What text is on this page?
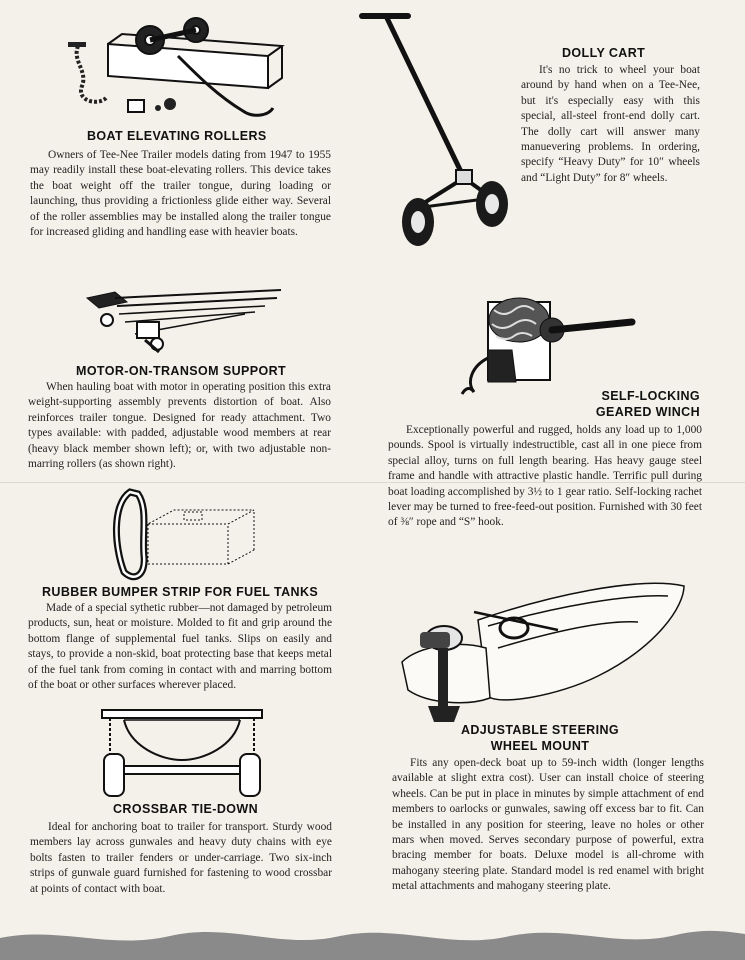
BOAT ELEVATING ROLLERS
Owners of Tee-Nee Trailer models dating from 1947 to 1955 may readily install these boat-elevating rollers. This device takes the boat weight off the trailer tongue, during loading or launching, thus providing a frictionless glide either way. Several of the roller assemblies may be installed along the trailer tongue for increased gliding and handling ease with heavier boats.
DOLLY CART
It's no trick to wheel your boat around by hand when on a Tee-Nee, but it's especially easy with this special, all-steel front-end dolly cart. The dolly cart will answer many manuevering problems. In ordering, specify “Heavy Duty” for 10″ wheels and “Light Duty” for 8″ wheels.
MOTOR-ON-TRANSOM SUPPORT
When hauling boat with motor in operating position this extra weight-supporting assembly prevents distortion of boat. Also reinforces trailer tongue. Designed for ready attachment. Two types available: with padded, adjustable wood members at rear (heavy black member shown left); or, with two adjustable non-marring rollers (as shown right).
SELF-LOCKING
GEARED WINCH
Exceptionally powerful and rugged, holds any load up to 1,000 pounds. Spool is virtually indestructible, cast all in one piece from special alloy, turns on full length bearing. Has heavy gauge steel frame and handle with attractive plastic handle. Terrific pull during boat loading accomplished by 3½ to 1 gear ratio. Self-locking rachet lever may be turned to free-feed-out position. Furnished with 30 feet of ⅜″ rope and “S” hook.
RUBBER BUMPER STRIP FOR FUEL TANKS
Made of a special sythetic rubber—not damaged by petroleum products, sun, heat or moisture. Molded to fit and grip around the bottom flange of supplemental fuel tanks. Slips on easily and stays, to provide a non-skid, boat protecting base that keeps metal of the fuel tank from coming in contact with and marring bottom of the boat or other surfaces wherever placed.
ADJUSTABLE STEERING
WHEEL MOUNT
Fits any open-deck boat up to 59-inch width (longer lengths available at slight extra cost). User can install choice of steering wheels. Can be put in place in minutes by simple attachment of end members to oarlocks or gunwales, sawing off excess bar to fit. Can be installed in any position for steering, leave no holes or other mars when moved. Serves secondary purpose of powerful, extra bracing member for boats. Deluxe model is all-chrome with mahogany steering plate. Standard model is red enamel with bright metal attachments and mahogany steering plate.
CROSSBAR TIE-DOWN
Ideal for anchoring boat to trailer for transport. Sturdy wood members lay across gunwales and heavy duty chains with eye bolts fasten to trailer fenders or under-carriage. Two six-inch strips of gunwale guard furnished for fastening to wood crossbar at points of contact with boat.
